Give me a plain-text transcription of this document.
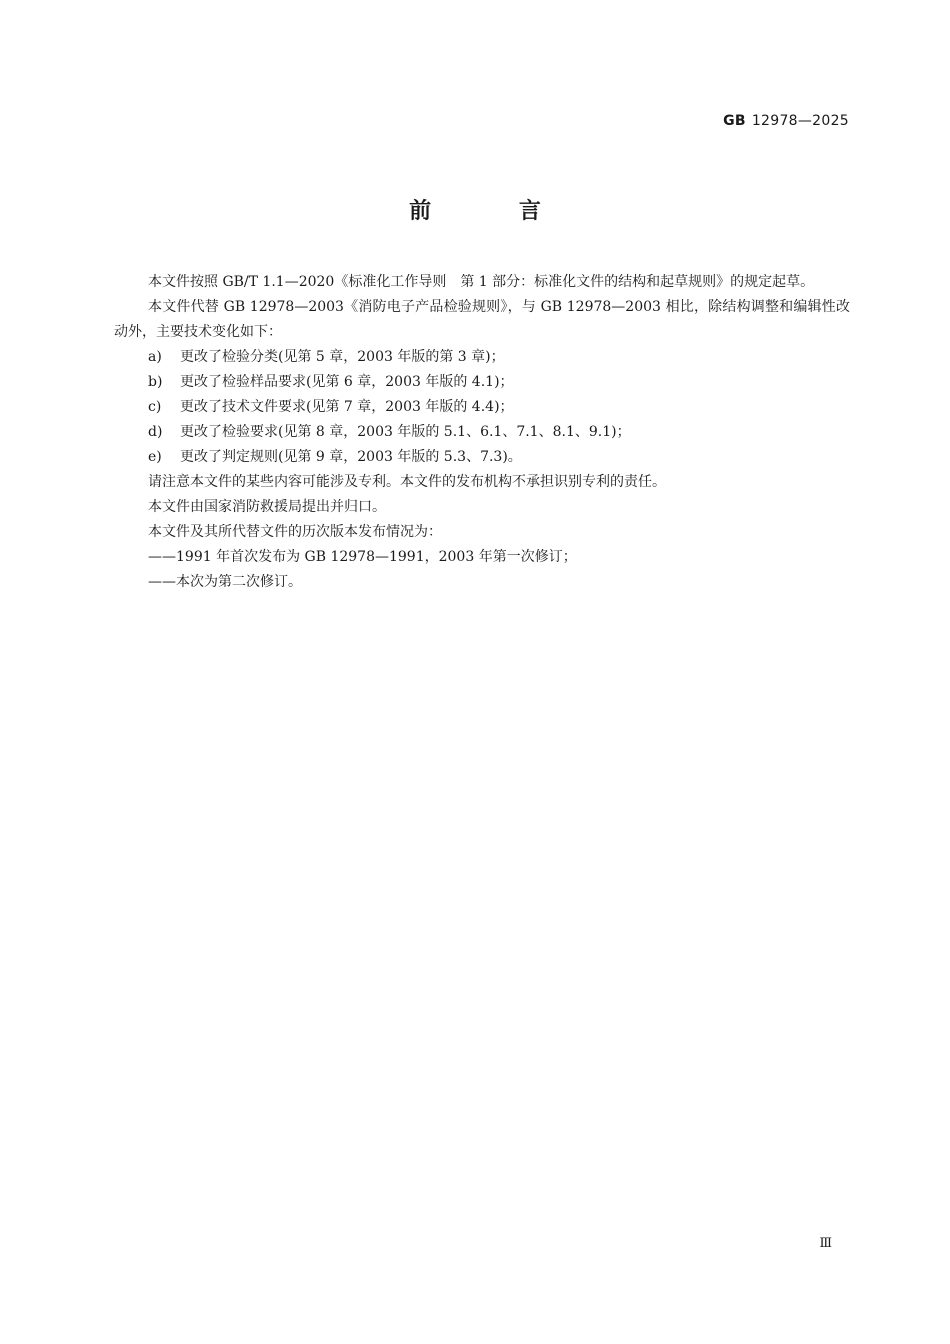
GB 12978—2025
前 言

本文件按照 GB/T 1.1—2020《标准化工作导则　第 1 部分：标准化文件的结构和起草规则》的规定起草。

本文件代替 GB 12978—2003《消防电子产品检验规则》，与 GB 12978—2003 相比，除结构调整和编辑性改动外，主要技术变化如下：

a) 更改了检验分类(见第 5 章，2003 年版的第 3 章)；

b) 更改了检验样品要求(见第 6 章，2003 年版的 4.1)；

c) 更改了技术文件要求(见第 7 章，2003 年版的 4.4)；

d) 更改了检验要求(见第 8 章，2003 年版的 5.1、6.1、7.1、8.1、9.1)；

e) 更改了判定规则(见第 9 章，2003 年版的 5.3、7.3)。

请注意本文件的某些内容可能涉及专利。本文件的发布机构不承担识别专利的责任。

本文件由国家消防救援局提出并归口。

本文件及其所代替文件的历次版本发布情况为：

——1991 年首次发布为 GB 12978—1991，2003 年第一次修订；

——本次为第二次修订。

Ⅲ
